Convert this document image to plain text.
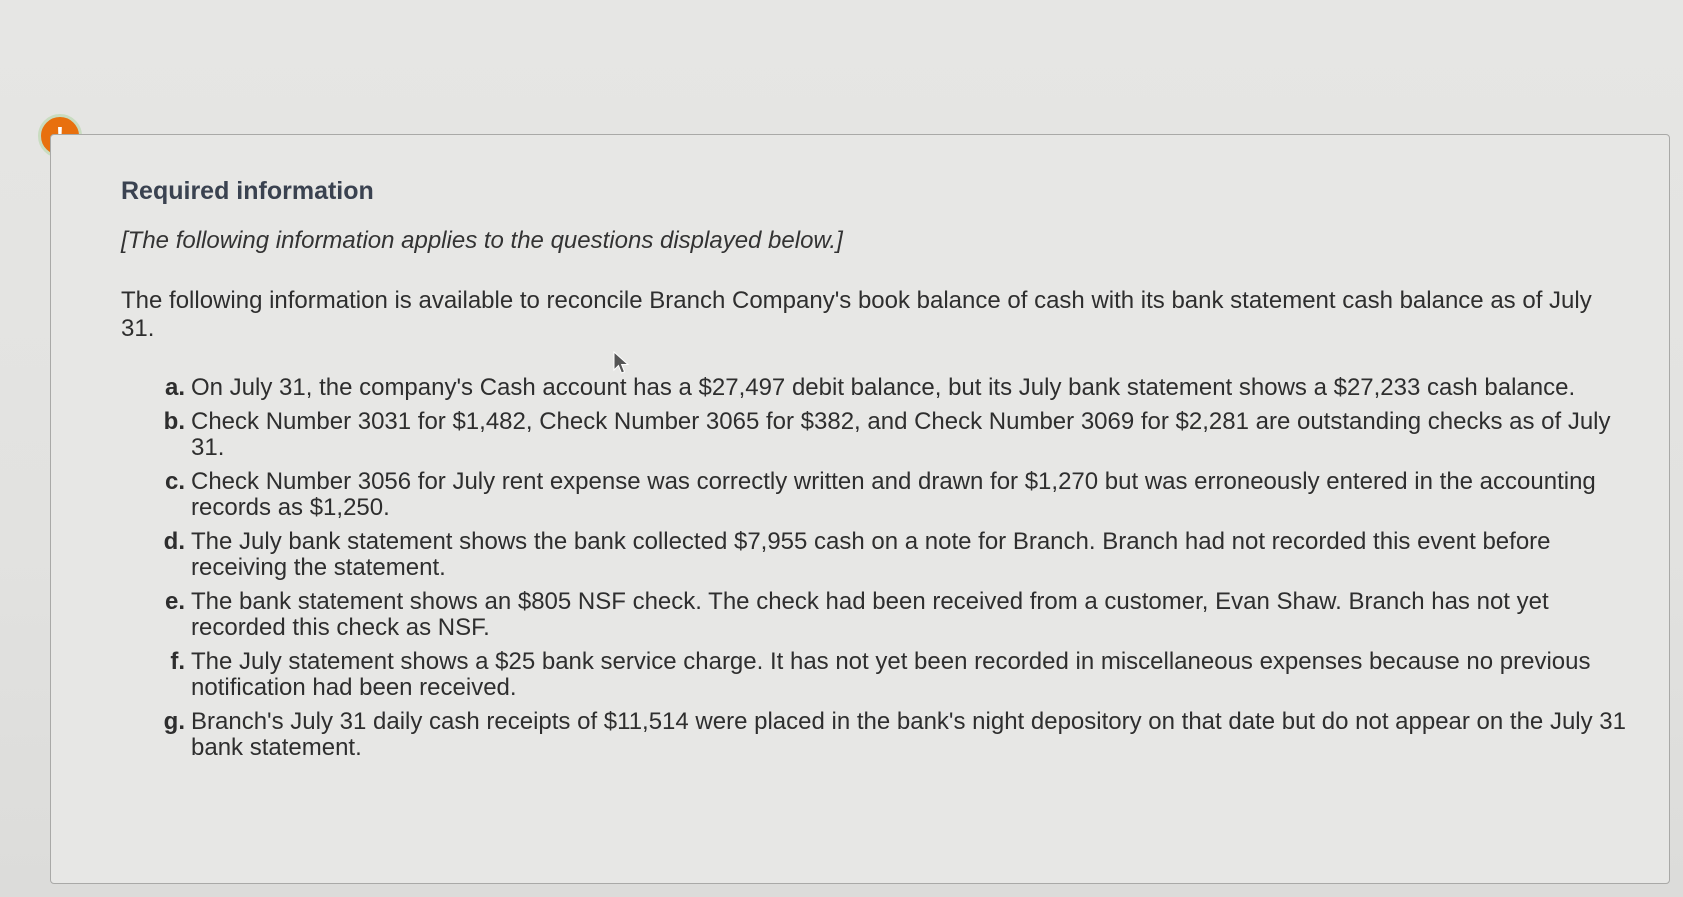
Required information

[The following information applies to the questions displayed below.]

The following information is available to reconcile Branch Company's book balance of cash with its bank statement cash balance as of July 31.

a. On July 31, the company's Cash account has a $27,497 debit balance, but its July bank statement shows a $27,233 cash balance.
b. Check Number 3031 for $1,482, Check Number 3065 for $382, and Check Number 3069 for $2,281 are outstanding checks as of July 31.
c. Check Number 3056 for July rent expense was correctly written and drawn for $1,270 but was erroneously entered in the accounting records as $1,250.
d. The July bank statement shows the bank collected $7,955 cash on a note for Branch. Branch had not recorded this event before receiving the statement.
e. The bank statement shows an $805 NSF check. The check had been received from a customer, Evan Shaw. Branch has not yet recorded this check as NSF.
f. The July statement shows a $25 bank service charge. It has not yet been recorded in miscellaneous expenses because no previous notification had been received.
g. Branch's July 31 daily cash receipts of $11,514 were placed in the bank's night depository on that date but do not appear on the July 31 bank statement.
